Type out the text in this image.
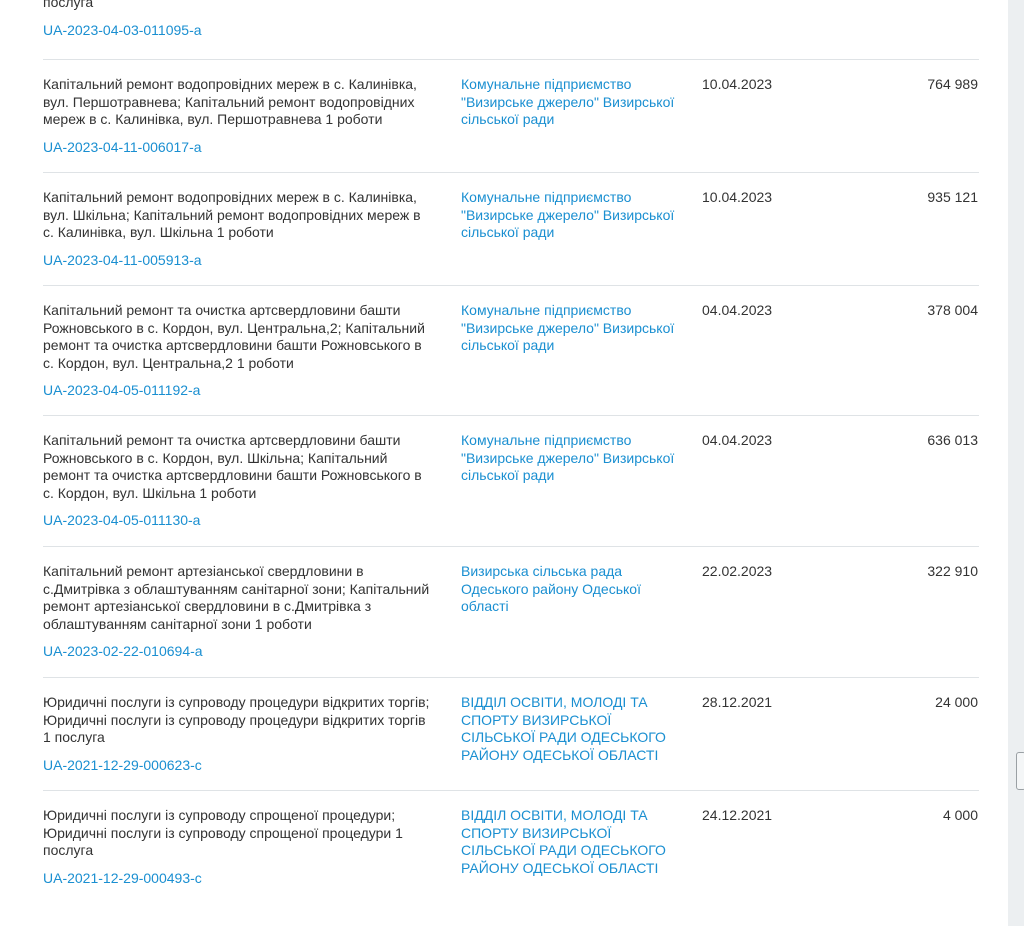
послуга
UA-2023-04-03-011095-a
Капітальний ремонт водопровідних мереж в с. Калинівка, вул. Першотравнева; Капітальний ремонт водопровідних мереж в с. Калинівка, вул. Першотравнева 1 роботи
UA-2023-04-11-006017-a
Комунальне підприємство "Визирське джерело" Визирської сільської ради
10.04.2023	764 989
Капітальний ремонт водопровідних мереж в с. Калинівка, вул. Шкільна; Капітальний ремонт водопровідних мереж в с. Калинівка, вул. Шкільна 1 роботи
UA-2023-04-11-005913-a
Комунальне підприємство "Визирське джерело" Визирської сільської ради
10.04.2023	935 121
Капітальний ремонт та очистка артсвердловини башти Рожновського в с. Кордон, вул. Центральна,2; Капітальний ремонт та очистка артсвердловини башти Рожновського в с. Кордон, вул. Центральна,2 1 роботи
UA-2023-04-05-011192-a
Комунальне підприємство "Визирське джерело" Визирської сільської ради
04.04.2023	378 004
Капітальний ремонт та очистка артсвердловини башти Рожновського в с. Кордон, вул. Шкільна; Капітальний ремонт та очистка артсвердловини башти Рожновського в с. Кордон, вул. Шкільна 1 роботи
UA-2023-04-05-011130-a
Комунальне підприємство "Визирське джерело" Визирської сільської ради
04.04.2023	636 013
Капітальний ремонт артезіанської свердловини в с.Дмитрівка з облаштуванням санітарної зони; Капітальний ремонт артезіанської свердловини в с.Дмитрівка з облаштуванням санітарної зони 1 роботи
UA-2023-02-22-010694-a
Визирська сільська рада Одеського району Одеської області
22.02.2023	322 910
Юридичні послуги із супроводу процедури відкритих торгів; Юридичні послуги із супроводу процедури відкритих торгів 1 послуга
UA-2021-12-29-000623-c
ВІДДІЛ ОСВІТИ, МОЛОДІ ТА СПОРТУ ВИЗИРСЬКОЇ СІЛЬСЬКОЇ РАДИ ОДЕСЬКОГО РАЙОНУ ОДЕСЬКОЇ ОБЛАСТІ
28.12.2021	24 000
Юридичні послуги із супроводу спрощеної процедури; Юридичні послуги із супроводу спрощеної процедури 1 послуга
UA-2021-12-29-000493-c
ВІДДІЛ ОСВІТИ, МОЛОДІ ТА СПОРТУ ВИЗИРСЬКОЇ СІЛЬСЬКОЇ РАДИ ОДЕСЬКОГО РАЙОНУ ОДЕСЬКОЇ ОБЛАСТІ
24.12.2021	4 000
